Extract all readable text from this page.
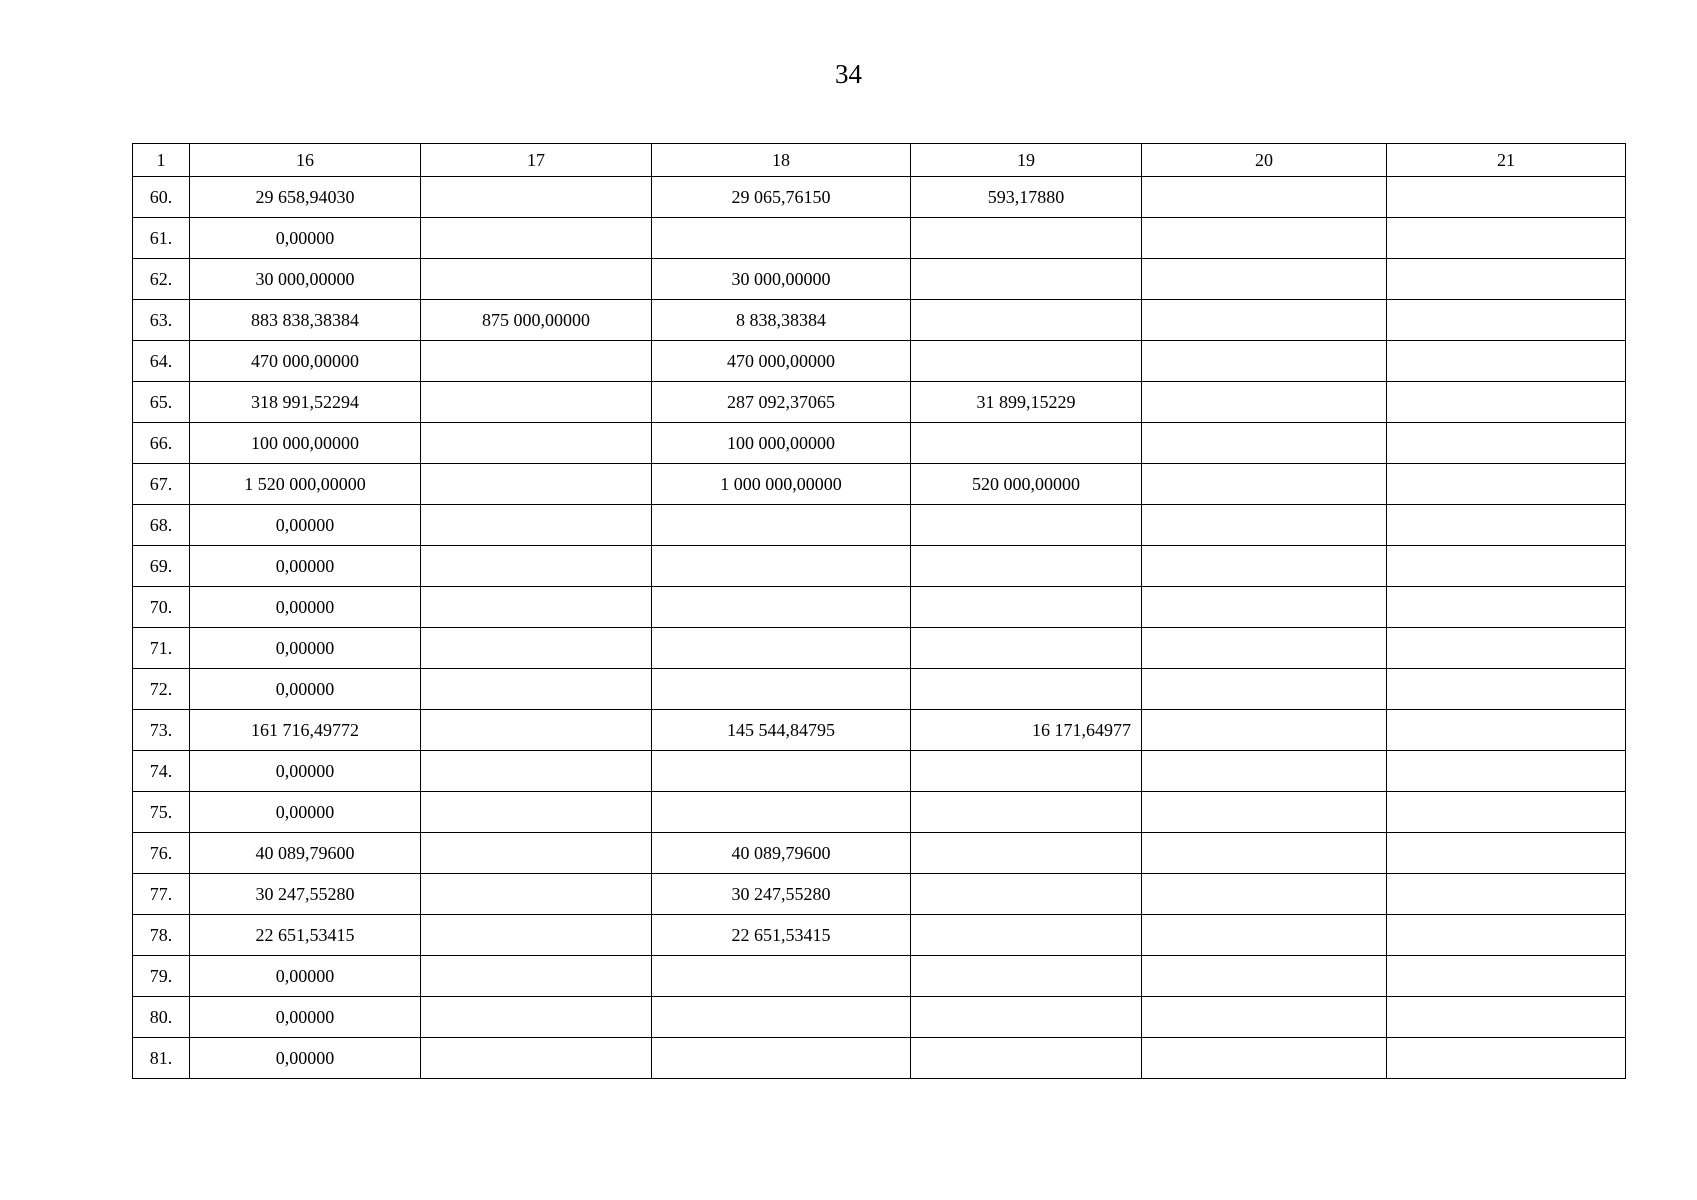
34
1	16	17	18	19	20	21
60.	29 658,94030		29 065,76150	593,17880		
61.	0,00000					
62.	30 000,00000		30 000,00000			
63.	883 838,38384	875 000,00000	8 838,38384			
64.	470 000,00000		470 000,00000			
65.	318 991,52294		287 092,37065	31 899,15229		
66.	100 000,00000		100 000,00000			
67.	1 520 000,00000		1 000 000,00000	520 000,00000		
68.	0,00000					
69.	0,00000					
70.	0,00000					
71.	0,00000					
72.	0,00000					
73.	161 716,49772		145 544,84795	16 171,64977		
74.	0,00000					
75.	0,00000					
76.	40 089,79600		40 089,79600			
77.	30 247,55280		30 247,55280			
78.	22 651,53415		22 651,53415			
79.	0,00000					
80.	0,00000					
81.	0,00000					
